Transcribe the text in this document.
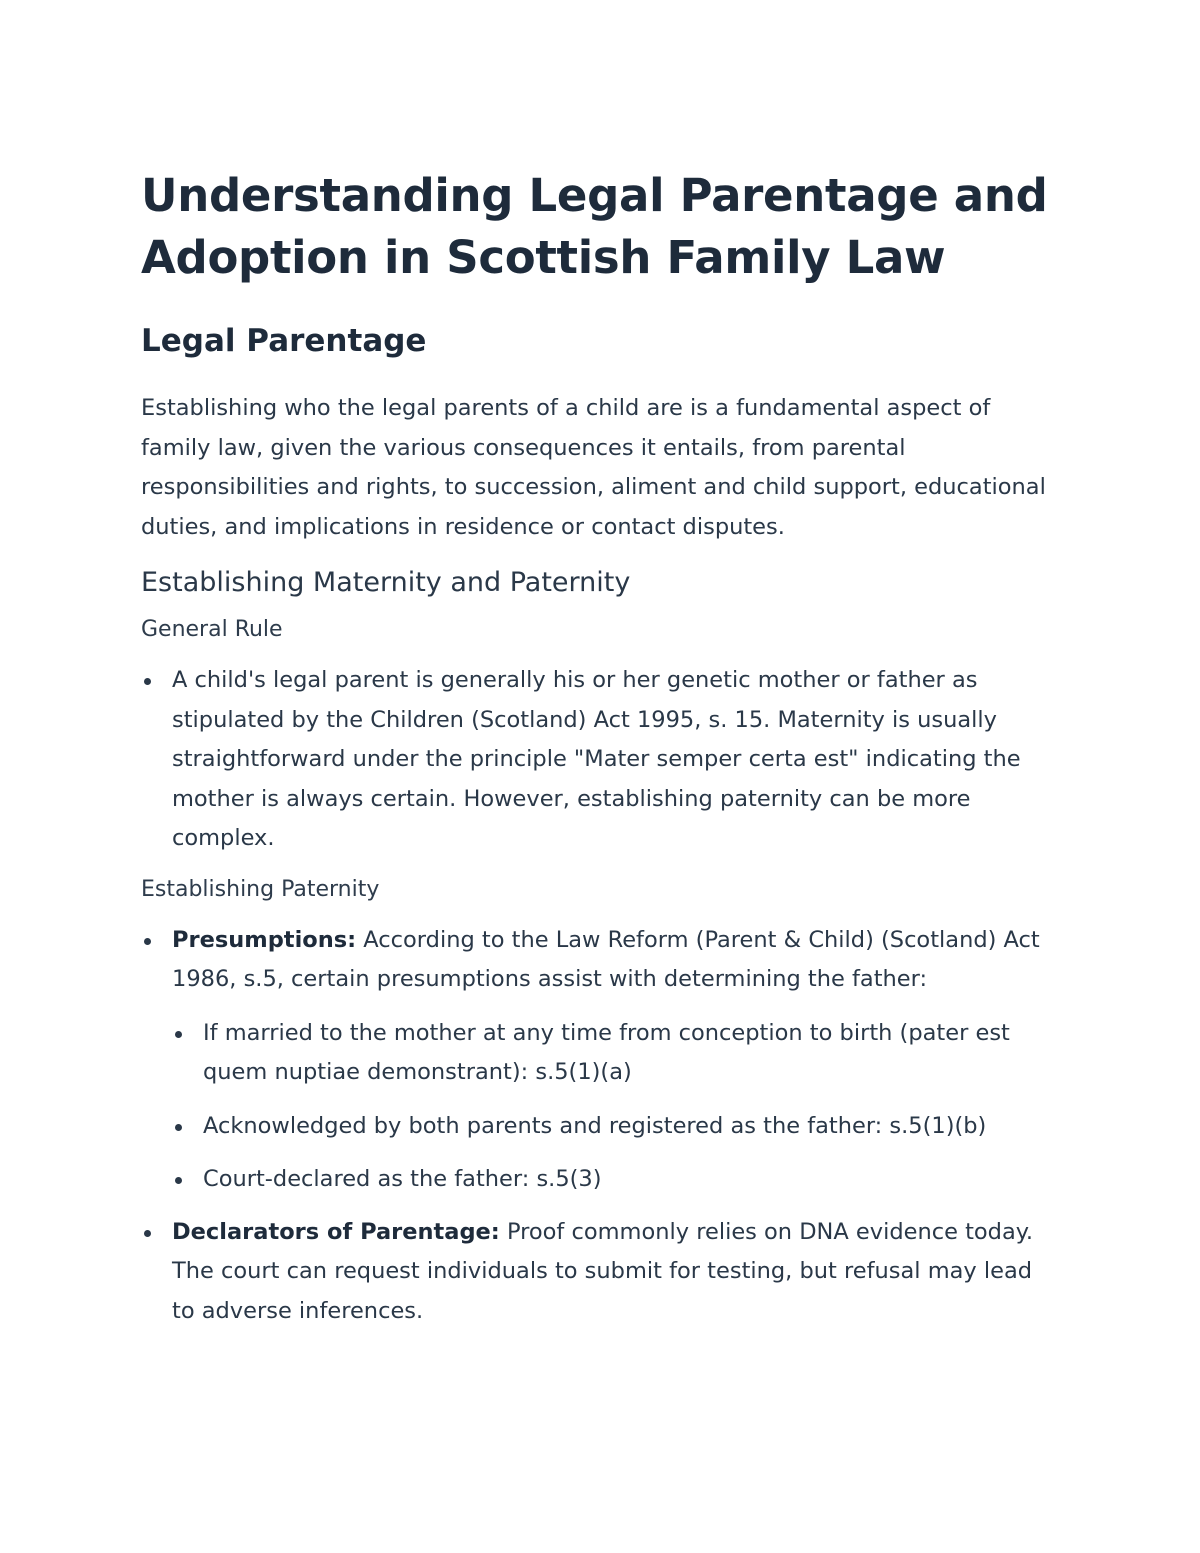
Understanding Legal Parentage and Adoption in Scottish Family Law
Legal Parentage

Establishing who the legal parents of a child are is a fundamental aspect of family law, given the various consequences it entails, from parental responsibilities and rights, to succession, aliment and child support, educational duties, and implications in residence or contact disputes.

Establishing Maternity and Paternity
General Rule
A child's legal parent is generally his or her genetic mother or father as stipulated by the Children (Scotland) Act 1995, s. 15. Maternity is usually straightforward under the principle "Mater semper certa est" indicating the mother is always certain. However, establishing paternity can be more complex.
Establishing Paternity
Presumptions: According to the Law Reform (Parent & Child) (Scotland) Act 1986, s.5, certain presumptions assist with determining the father:
If married to the mother at any time from conception to birth (pater est quem nuptiae demonstrant): s.5(1)(a)
Acknowledged by both parents and registered as the father: s.5(1)(b)
Court-declared as the father: s.5(3)
Declarators of Parentage: Proof commonly relies on DNA evidence today. The court can request individuals to submit for testing, but refusal may lead to adverse inferences.
